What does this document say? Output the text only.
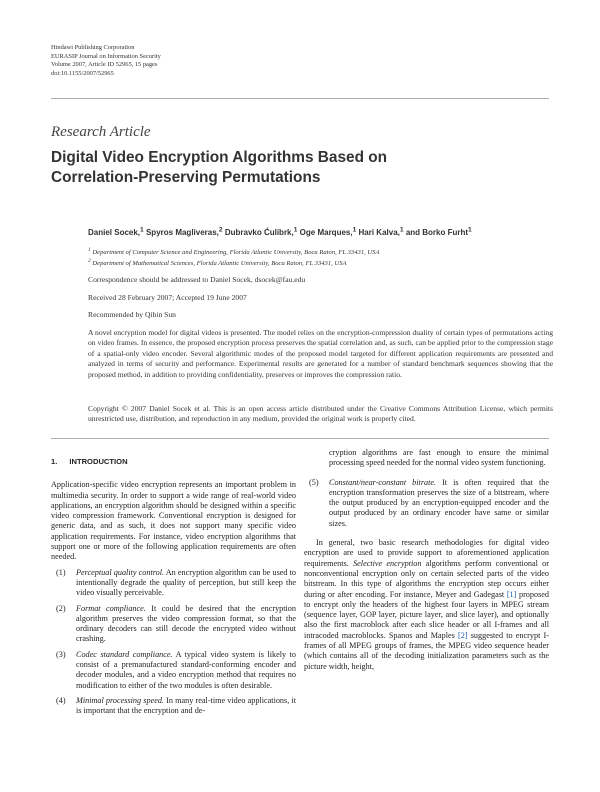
Hindawi Publishing Corporation
EURASIP Journal on Information Security
Volume 2007, Article ID 52965, 15 pages
doi:10.1155/2007/52965
Research Article
Digital Video Encryption Algorithms Based on
Correlation-Preserving Permutations
Daniel Socek,$^1$ Spyros Magliveras,$^2$ Dubravko Ćulibrk,$^1$ Oge Marques,$^1$ Hari Kalva,$^1$ and Borko Furht$^1$
$^1$ Department of Computer Science and Engineering, Florida Atlantic University, Boca Raton, FL 33431, USA
$^2$ Department of Mathematical Sciences, Florida Atlantic University, Boca Raton, FL 33431, USA
Correspondence should be addressed to Daniel Socek, dsocek@fau.edu
Received 28 February 2007; Accepted 19 June 2007
Recommended by Qibin Sun
A novel encryption model for digital videos is presented. The model relies on the encryption-compression duality of certain types of permutations acting on video frames. In essence, the proposed encryption process preserves the spatial correlation and, as such, can be applied prior to the compression stage of a spatial-only video encoder. Several algorithmic modes of the proposed model targeted for different application requirements are presented and analyzed in terms of security and performance. Experimental results are generated for a number of standard benchmark sequences showing that the proposed method, in addition to providing confidentiality, preserves or improves the compression ratio.
Copyright © 2007 Daniel Socek et al. This is an open access article distributed under the Creative Commons Attribution License, which permits unrestricted use, distribution, and reproduction in any medium, provided the original work is properly cited.
1. INTRODUCTION

Application-specific video encryption represents an important problem in multimedia security. In order to support a wide range of real-world video applications, an encryption algorithm should be designed within a specific video compression framework. Conventional encryption is designed for generic data, and as such, it does not support many specific video application requirements. For instance, video encryption algorithms that support one or more of the following application requirements are often needed.

(1) Perceptual quality control. An encryption algorithm can be used to intentionally degrade the quality of perception, but still keep the video visually perceivable.
(2) Format compliance. It could be desired that the encryption algorithm preserves the video compression format, so that the ordinary decoders can still decode the encrypted video without crashing.
(3) Codec standard compliance. A typical video system is likely to consist of a premanufactured standard-conforming encoder and decoder modules, and a video encryption method that requires no modification to either of the two modules is often desirable.
(4) Minimal processing speed. In many real-time video applications, it is important that the encryption and de-

cryption algorithms are fast enough to ensure the minimal processing speed needed for the normal video system functioning.

(5) Constant/near-constant bitrate. It is often required that the encryption transformation preserves the size of a bitstream, where the output produced by an encryption-equipped encoder and the output produced by an ordinary encoder have same or similar sizes.

In general, two basic research methodologies for digital video encryption are used to provide support to aforementioned application requirements. Selective encryption algorithms perform conventional or nonconventional encryption only on certain selected parts of the video bitstream. In this type of algorithms the encryption step occurs either during or after encoding. For instance, Meyer and Gadegast [1] proposed to encrypt only the headers of the highest four layers in MPEG stream (sequence layer, GOP layer, picture layer, and slice layer), and optionally also the first macroblock after each slice header or all I-frames and all intracoded macroblocks. Spanos and Maples [2] suggested to encrypt I-frames of all MPEG groups of frames, the MPEG video sequence header (which contains all of the decoding initialization parameters such as the picture width, height,
